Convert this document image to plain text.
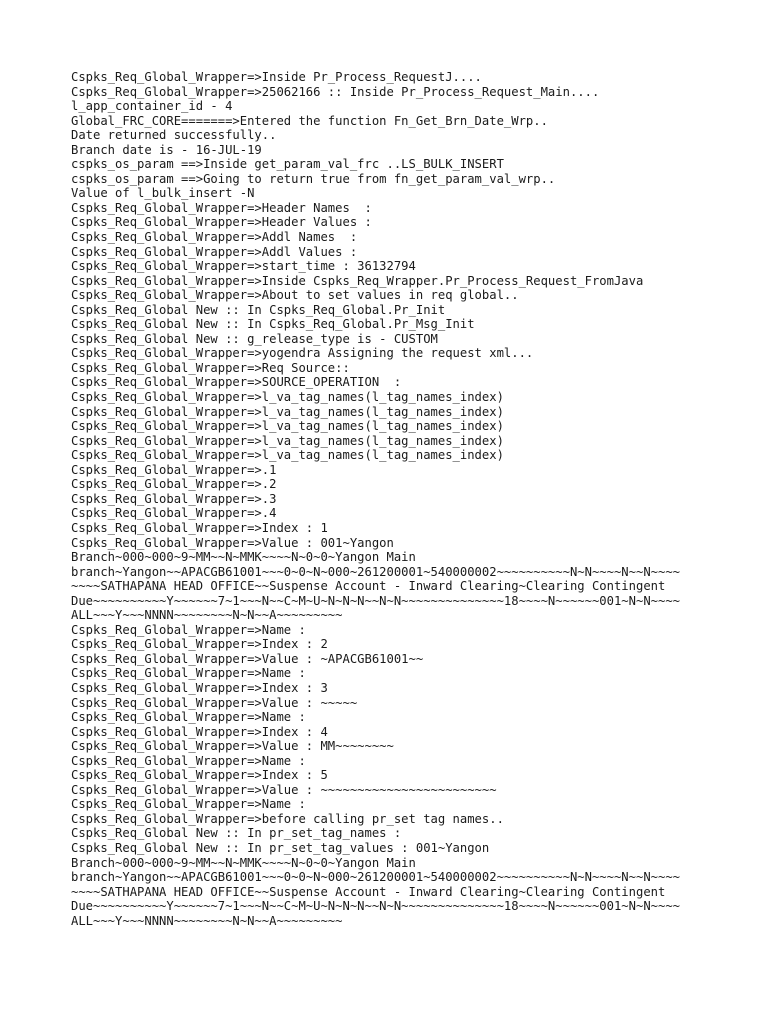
Cspks_Req_Global_Wrapper=>Inside Pr_Process_RequestJ....
Cspks_Req_Global_Wrapper=>25062166 :: Inside Pr_Process_Request_Main....
l_app_container_id - 4
Global_FRC_CORE=======>Entered the function Fn_Get_Brn_Date_Wrp..
Date returned successfully..
Branch date is - 16-JUL-19
cspks_os_param ==>Inside get_param_val_frc ..LS_BULK_INSERT
cspks_os_param ==>Going to return true from fn_get_param_val_wrp..
Value of l_bulk_insert -N
Cspks_Req_Global_Wrapper=>Header Names  :
Cspks_Req_Global_Wrapper=>Header Values :
Cspks_Req_Global_Wrapper=>Addl Names  :
Cspks_Req_Global_Wrapper=>Addl Values :
Cspks_Req_Global_Wrapper=>start_time : 36132794
Cspks_Req_Global_Wrapper=>Inside Cspks_Req_Wrapper.Pr_Process_Request_FromJava
Cspks_Req_Global_Wrapper=>About to set values in req global..
Cspks_Req_Global New :: In Cspks_Req_Global.Pr_Init
Cspks_Req_Global New :: In Cspks_Req_Global.Pr_Msg_Init
Cspks_Req_Global New :: g_release_type is - CUSTOM
Cspks_Req_Global_Wrapper=>yogendra Assigning the request xml...
Cspks_Req_Global_Wrapper=>Req Source::
Cspks_Req_Global_Wrapper=>SOURCE_OPERATION  :
Cspks_Req_Global_Wrapper=>l_va_tag_names(l_tag_names_index)
Cspks_Req_Global_Wrapper=>l_va_tag_names(l_tag_names_index)
Cspks_Req_Global_Wrapper=>l_va_tag_names(l_tag_names_index)
Cspks_Req_Global_Wrapper=>l_va_tag_names(l_tag_names_index)
Cspks_Req_Global_Wrapper=>l_va_tag_names(l_tag_names_index)
Cspks_Req_Global_Wrapper=>.1
Cspks_Req_Global_Wrapper=>.2
Cspks_Req_Global_Wrapper=>.3
Cspks_Req_Global_Wrapper=>.4
Cspks_Req_Global_Wrapper=>Index : 1
Cspks_Req_Global_Wrapper=>Value : 001~Yangon
Branch~000~000~9~MM~~N~MMK~~~~N~0~0~Yangon Main
branch~Yangon~~APACGB61001~~~0~0~N~000~261200001~540000002~~~~~~~~~~N~N~~~~N~~N~~~~
~~~~SATHAPANA HEAD OFFICE~~Suspense Account - Inward Clearing~Clearing Contingent
Due~~~~~~~~~~Y~~~~~~7~1~~~N~~C~M~U~N~N~N~~N~N~~~~~~~~~~~~~~18~~~~N~~~~~~001~N~N~~~~
ALL~~~Y~~~NNNN~~~~~~~~N~N~~A~~~~~~~~~
Cspks_Req_Global_Wrapper=>Name :
Cspks_Req_Global_Wrapper=>Index : 2
Cspks_Req_Global_Wrapper=>Value : ~APACGB61001~~
Cspks_Req_Global_Wrapper=>Name :
Cspks_Req_Global_Wrapper=>Index : 3
Cspks_Req_Global_Wrapper=>Value : ~~~~~
Cspks_Req_Global_Wrapper=>Name :
Cspks_Req_Global_Wrapper=>Index : 4
Cspks_Req_Global_Wrapper=>Value : MM~~~~~~~~
Cspks_Req_Global_Wrapper=>Name :
Cspks_Req_Global_Wrapper=>Index : 5
Cspks_Req_Global_Wrapper=>Value : ~~~~~~~~~~~~~~~~~~~~~~~~
Cspks_Req_Global_Wrapper=>Name :
Cspks_Req_Global_Wrapper=>before calling pr_set tag names..
Cspks_Req_Global New :: In pr_set_tag_names :
Cspks_Req_Global New :: In pr_set_tag_values : 001~Yangon
Branch~000~000~9~MM~~N~MMK~~~~N~0~0~Yangon Main
branch~Yangon~~APACGB61001~~~0~0~N~000~261200001~540000002~~~~~~~~~~N~N~~~~N~~N~~~~
~~~~SATHAPANA HEAD OFFICE~~Suspense Account - Inward Clearing~Clearing Contingent
Due~~~~~~~~~~Y~~~~~~7~1~~~N~~C~M~U~N~N~N~~N~N~~~~~~~~~~~~~~18~~~~N~~~~~~001~N~N~~~~
ALL~~~Y~~~NNNN~~~~~~~~N~N~~A~~~~~~~~~
